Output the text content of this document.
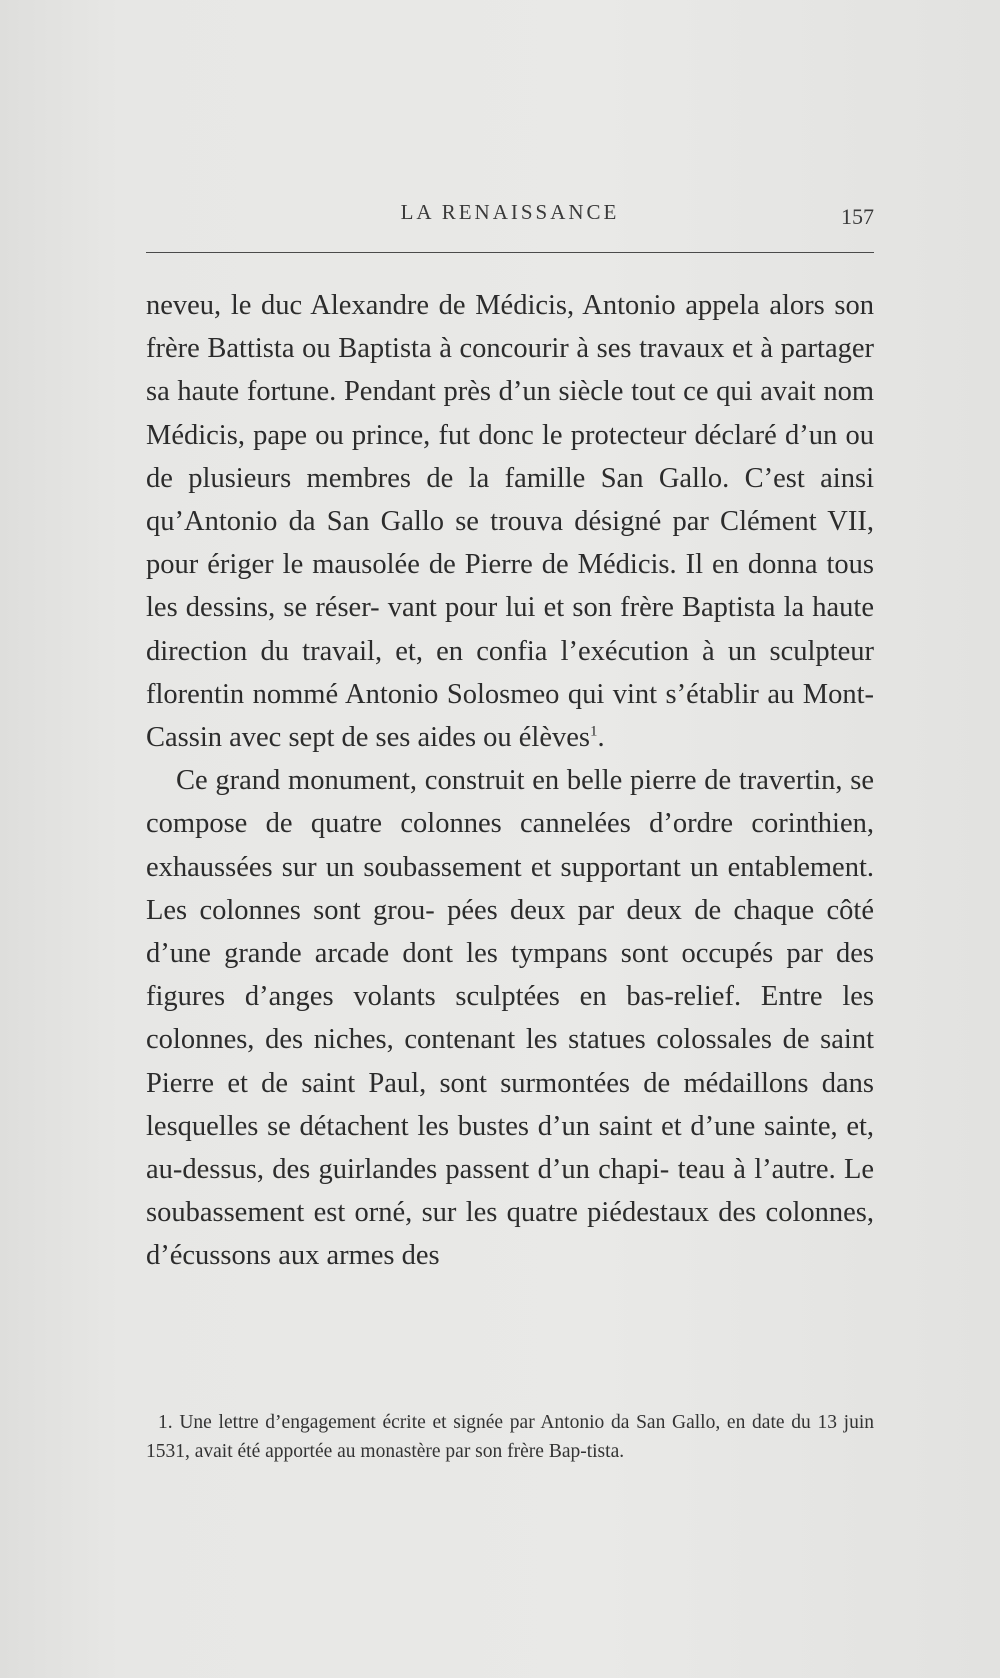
LA RENAISSANCE	157

neveu, le duc Alexandre de Médicis, Antonio appela alors son frère Battista ou Baptista à concourir à ses travaux et à partager sa haute fortune. Pendant près d’un siècle tout ce qui avait nom Médicis, pape ou prince, fut donc le protecteur déclaré d’un ou de plusieurs membres de la famille San Gallo. C’est ainsi qu’Antonio da San Gallo se trouva désigné par Clément VII, pour ériger le mausolée de Pierre de Médicis. Il en donna tous les dessins, se réser- vant pour lui et son frère Baptista la haute direction du travail, et, en confia l’exécution à un sculpteur florentin nommé Antonio Solosmeo qui vint s’établir au Mont- Cassin avec sept de ses aides ou élèves$^1$.

Ce grand monument, construit en belle pierre de travertin, se compose de quatre colonnes cannelées d’ordre corinthien, exhaussées sur un soubassement et supportant un entablement. Les colonnes sont grou- pées deux par deux de chaque côté d’une grande arcade dont les tympans sont occupés par des figures d’anges volants sculptées en bas-relief. Entre les colonnes, des niches, contenant les statues colossales de saint Pierre et de saint Paul, sont surmontées de médaillons dans lesquelles se détachent les bustes d’un saint et d’une sainte, et, au-dessus, des guirlandes passent d’un chapi- teau à l’autre. Le soubassement est orné, sur les quatre piédestaux des colonnes, d’écussons aux armes des

1. Une lettre d’engagement écrite et signée par Antonio da San Gallo, en date du 13 juin 1531, avait été apportée au monastère par son frère Bap-tista.
